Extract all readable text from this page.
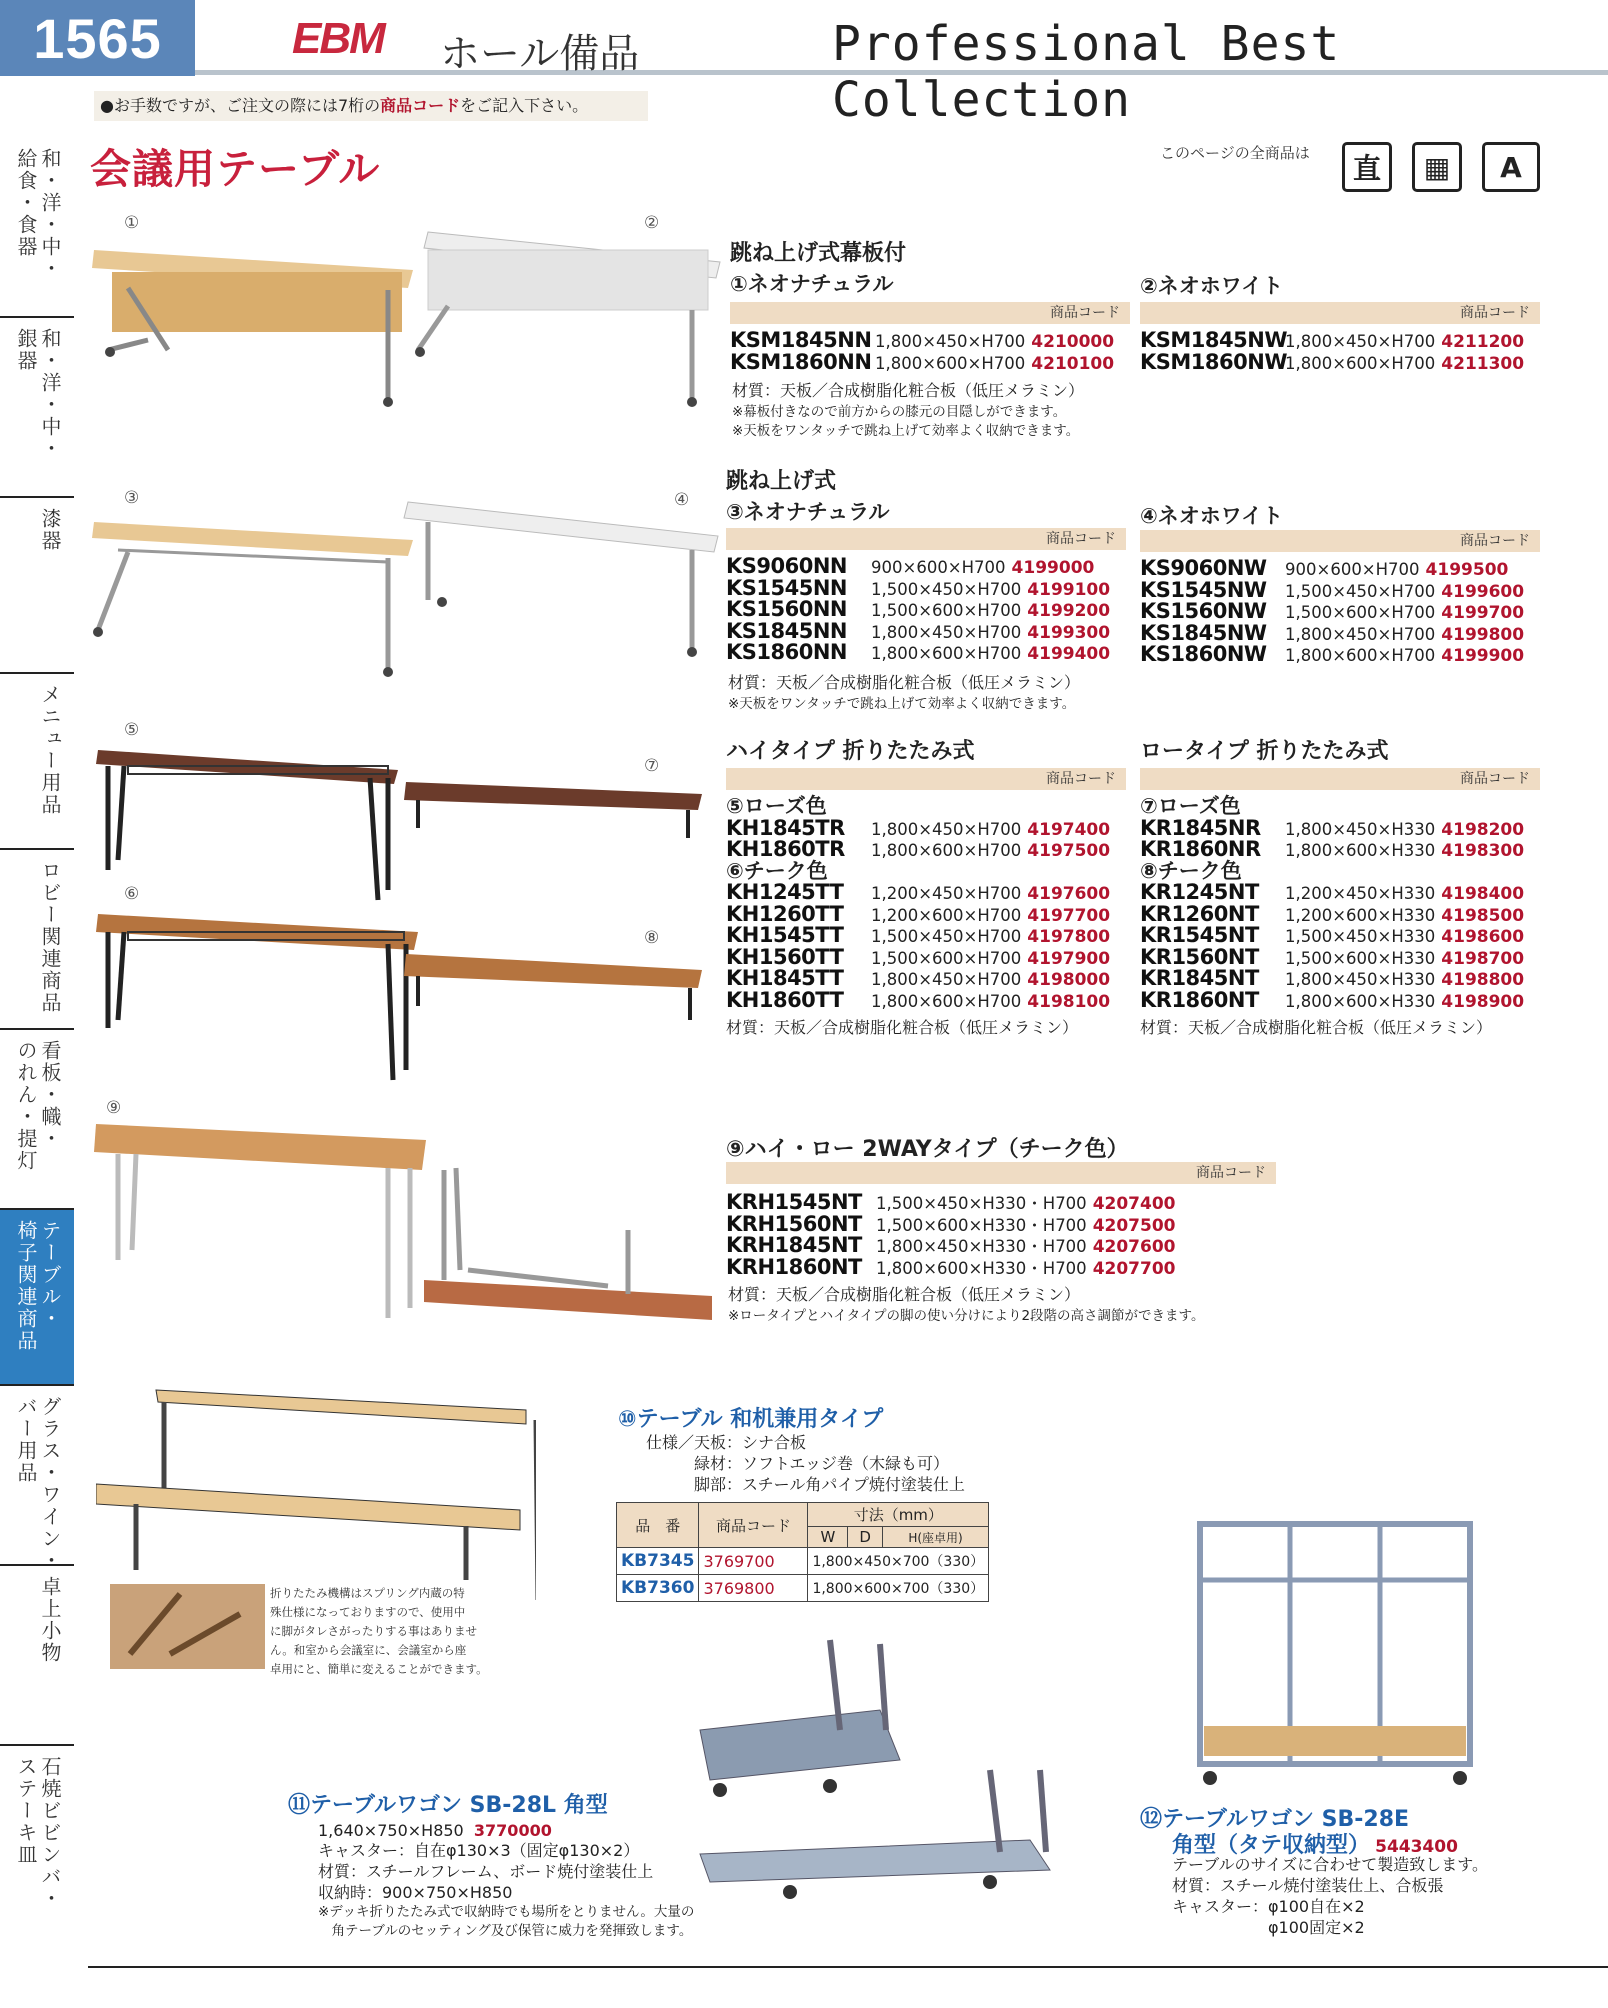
1565	EBM ホール備品	Professional Best Collection
●お手数ですが、ご注文の際には7桁の商品コードをご記入下さい。
会議用テーブル	このページの全商品は	直	▦	A
和・洋・中・
給食・食器
和・洋・中・
銀器
漆器
メニュー用品
ロビー関連商品
看板・幟・
のれん・提灯
テーブル・
椅子関連商品
グラス・ワイン・
バー用品
卓上小物
石焼ビビンバ・
ステーキ皿
①	②
③	④
⑤
⑦
⑥
⑧
⑨
跳ね上げ式幕板付
①ネオナチュラル	②ネオホワイト
商品コード	商品コード
KSM1845NN 1,800×450×H700 4210000
KSM1860NN 1,800×600×H700 4210100
KSM1845NW1,800×450×H700 4211200
KSM1860NW1,800×600×H700 4211300
材質：天板／合成樹脂化粧合板（低圧メラミン）
※幕板付きなので前方からの膝元の目隠しができます。
※天板をワンタッチで跳ね上げて効率よく収納できます。
跳ね上げ式
③ネオナチュラル	④ネオホワイト
商品コード	商品コード
KS9060NN 900×600×H700 4199000
KS1545NN 1,500×450×H700 4199100
KS1560NN 1,500×600×H700 4199200
KS1845NN 1,800×450×H700 4199300
KS1860NN 1,800×600×H700 4199400
KS9060NW 900×600×H700 4199500
KS1545NW 1,500×450×H700 4199600
KS1560NW 1,500×600×H700 4199700
KS1845NW 1,800×450×H700 4199800
KS1860NW 1,800×600×H700 4199900
材質：天板／合成樹脂化粧合板（低圧メラミン）
※天板をワンタッチで跳ね上げて効率よく収納できます。
ハイタイプ 折りたたみ式	ロータイプ 折りたたみ式
商品コード	商品コード
⑤ローズ色
KH1845TR 1,800×450×H700 4197400
KH1860TR 1,800×600×H700 4197500
⑥チーク色
KH1245TT 1,200×450×H700 4197600
KH1260TT 1,200×600×H700 4197700
KH1545TT 1,500×450×H700 4197800
KH1560TT 1,500×600×H700 4197900
KH1845TT 1,800×450×H700 4198000
KH1860TT 1,800×600×H700 4198100
材質：天板／合成樹脂化粧合板（低圧メラミン）
⑦ローズ色
KR1845NR 1,800×450×H330 4198200
KR1860NR 1,800×600×H330 4198300
⑧チーク色
KR1245NT 1,200×450×H330 4198400
KR1260NT 1,200×600×H330 4198500
KR1545NT 1,500×450×H330 4198600
KR1560NT 1,500×600×H330 4198700
KR1845NT 1,800×450×H330 4198800
KR1860NT 1,800×600×H330 4198900
材質：天板／合成樹脂化粧合板（低圧メラミン）
⑨ハイ・ロー 2WAYタイプ（チーク色）
商品コード
KRH1545NT 1,500×450×H330・H700 4207400
KRH1560NT 1,500×600×H330・H700 4207500
KRH1845NT 1,800×450×H330・H700 4207600
KRH1860NT 1,800×600×H330・H700 4207700
材質：天板／合成樹脂化粧合板（低圧メラミン）
※ロータイプとハイタイプの脚の使い分けにより2段階の高さ調節ができます。
折りたたみ機構はスプリング内蔵の特
殊仕様になっておりますので、使用中
に脚がタレさがったりする事はありませ
ん。和室から会議室に、会議室から座
卓用にと、簡単に変えることができます。
⑩テーブル 和机兼用タイプ
仕様／天板：シナ合板
　　　緑材：ソフトエッジ巻（木緑も可）
　　　脚部：スチール角パイプ焼付塗装仕上
品　番	商品コード	寸法（mm）		
		W	D	H(座卓用)
KB7345	3769700	1,800×450×700（330）		
KB7360	3769800	1,800×600×700（330）		
⑪テーブルワゴン SB-28L 角型
1,640×750×H850 3770000
キャスター：自在φ130×3（固定φ130×2）
材質：スチールフレーム、ボード焼付塗装仕上
収納時：900×750×H850
※デッキ折りたたみ式で収納時でも場所をとりません。大量の
　角テーブルのセッティング及び保管に威力を発揮致します。
⑫テーブルワゴン SB-28E
角型（タテ収納型） 5443400
テーブルのサイズに合わせて製造致します。
材質：スチール焼付塗装仕上、合板張
キャスター：φ100自在×2
　　　　　　φ100固定×2
